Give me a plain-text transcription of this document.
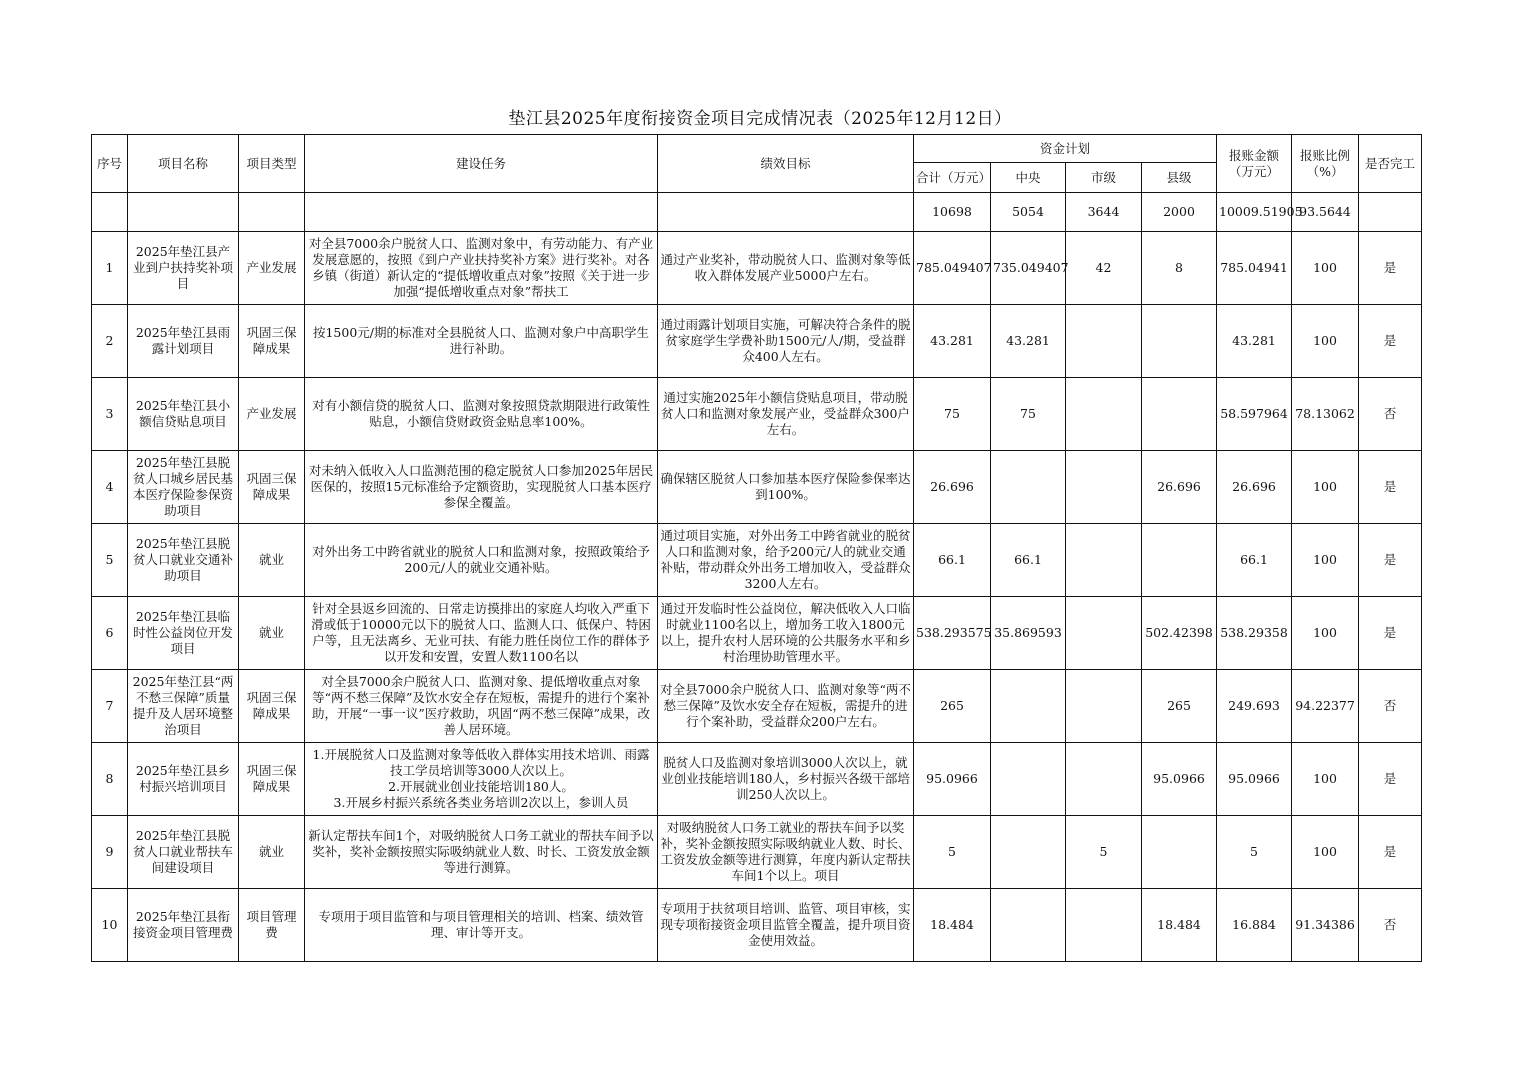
垫江县2025年度衔接资金项目完成情况表（2025年12月12日）
序号	项目名称	项目类型	建设任务	绩效目标	资金计划				报账金额（万元）	报账比例（%）	是否完工
					合计（万元）	中央	市级	县级			
					10698	5054	3644	2000	10009.51905	93.5644	
1	2025年垫江县产业到户扶持奖补项目	产业发展	对全县7000余户脱贫人口、监测对象中，有劳动能力、有产业发展意愿的，按照《到户产业扶持奖补方案》进行奖补。对各乡镇（街道）新认定的“提低增收重点对象”按照《关于进一步加强“提低增收重点对象”帮扶工	通过产业奖补，带动脱贫人口、监测对象等低收入群体发展产业5000户左右。	785.049407	735.049407	42	8	785.04941	100	是
2	2025年垫江县雨露计划项目	巩固三保障成果	按1500元/期的标准对全县脱贫人口、监测对象户中高职学生进行补助。	通过雨露计划项目实施，可解决符合条件的脱贫家庭学生学费补助1500元/人/期，受益群众400人左右。	43.281	43.281			43.281	100	是
3	2025年垫江县小额信贷贴息项目	产业发展	对有小额信贷的脱贫人口、监测对象按照贷款期限进行政策性贴息，小额信贷财政资金贴息率100%。	通过实施2025年小额信贷贴息项目，带动脱贫人口和监测对象发展产业，受益群众300户左右。	75	75			58.597964	78.13062	否
4	2025年垫江县脱贫人口城乡居民基本医疗保险参保资助项目	巩固三保障成果	对未纳入低收入人口监测范围的稳定脱贫人口参加2025年居民医保的，按照15元标准给予定额资助，实现脱贫人口基本医疗参保全覆盖。	确保辖区脱贫人口参加基本医疗保险参保率达到100%。	26.696			26.696	26.696	100	是
5	2025年垫江县脱贫人口就业交通补助项目	就业	对外出务工中跨省就业的脱贫人口和监测对象，按照政策给予200元/人的就业交通补贴。	通过项目实施，对外出务工中跨省就业的脱贫人口和监测对象，给予200元/人的就业交通补贴，带动群众外出务工增加收入，受益群众3200人左右。	66.1	66.1			66.1	100	是
6	2025年垫江县临时性公益岗位开发项目	就业	针对全县返乡回流的、日常走访摸排出的家庭人均收入严重下滑或低于10000元以下的脱贫人口、监测人口、低保户、特困户等，且无法离乡、无业可扶、有能力胜任岗位工作的群体予以开发和安置，安置人数1100名以	通过开发临时性公益岗位，解决低收入人口临时就业1100名以上，增加务工收入1800元以上，提升农村人居环境的公共服务水平和乡村治理协助管理水平。	538.293575	35.869593		502.42398	538.29358	100	是
7	2025年垫江县“两不愁三保障”质量提升及人居环境整治项目	巩固三保障成果	对全县7000余户脱贫人口、监测对象、提低增收重点对象等“两不愁三保障”及饮水安全存在短板，需提升的进行个案补助，开展“一事一议”医疗救助，巩固“两不愁三保障”成果，改善人居环境。	对全县7000余户脱贫人口、监测对象等“两不愁三保障”及饮水安全存在短板，需提升的进行个案补助，受益群众200户左右。	265			265	249.693	94.22377	否
8	2025年垫江县乡村振兴培训项目	巩固三保障成果	1.开展脱贫人口及监测对象等低收入群体实用技术培训、雨露技工学员培训等3000人次以上。
2.开展就业创业技能培训180人。
3.开展乡村振兴系统各类业务培训2次以上，参训人员	脱贫人口及监测对象培训3000人次以上，就业创业技能培训180人，乡村振兴各级干部培训250人次以上。	95.0966			95.0966	95.0966	100	是
9	2025年垫江县脱贫人口就业帮扶车间建设项目	就业	新认定帮扶车间1个，对吸纳脱贫人口务工就业的帮扶车间予以奖补，奖补金额按照实际吸纳就业人数、时长、工资发放金额等进行测算。	对吸纳脱贫人口务工就业的帮扶车间予以奖补，奖补金额按照实际吸纳就业人数、时长、工资发放金额等进行测算，年度内新认定帮扶车间1个以上。项目	5		5		5	100	是
10	2025年垫江县衔接资金项目管理费	项目管理费	专项用于项目监管和与项目管理相关的培训、档案、绩效管理、审计等开支。	专项用于扶贫项目培训、监管、项目审核，实现专项衔接资金项目监管全覆盖，提升项目资金使用效益。	18.484			18.484	16.884	91.34386	否
